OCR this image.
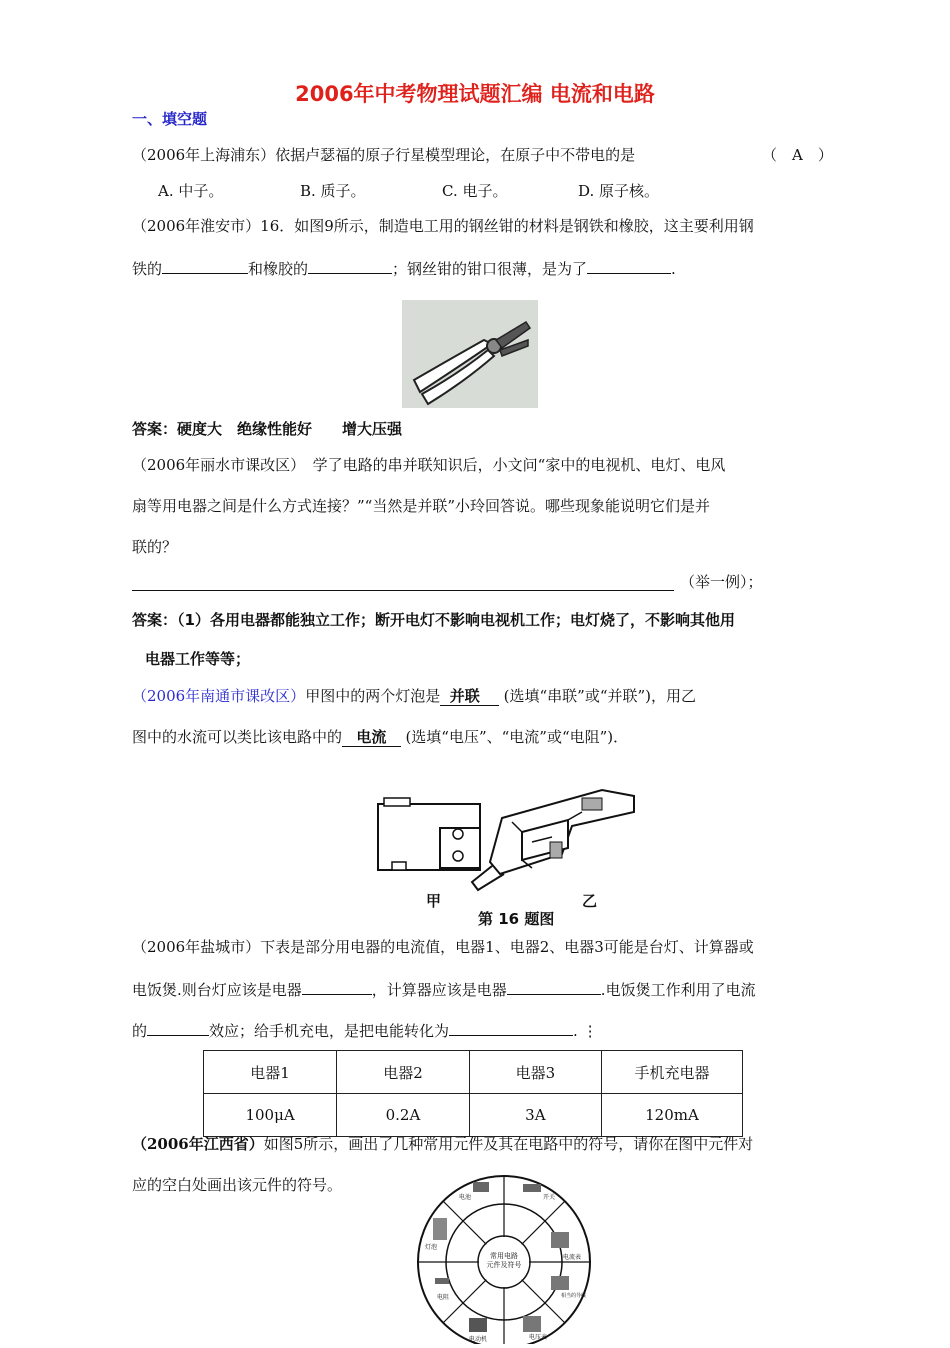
2006年中考物理试题汇编 电流和电路
一、填空题
（2006年上海浦东）依据卢瑟福的原子行星模型理论，在原子中不带电的是	（　A　）
A. 中子。	B. 质子。	C. 电子。	D. 原子核。
（2006年淮安市）16．如图9所示，制造电工用的钢丝钳的材料是钢铁和橡胶，这主要利用钢
铁的	和橡胶的	；钢丝钳的钳口很薄，是为了	.
答案：硬度大　绝缘性能好　　增大压强
（2006年丽水市课改区）　学了电路的串并联知识后，小文问“家中的电视机、电灯、电风
扇等用电器之间是什么方式连接？”“当然是并联”小玲回答说。哪些现象能说明它们是并
联的？
（举一例）；
答案：（1）各用电器都能独立工作；断开电灯不影响电视机工作；电灯烧了，不影响其他用
电器工作等等；
（2006年南通市课改区）甲图中的两个灯泡是 并联 (选填“串联”或“并联”)，用乙
图中的水流可以类比该电路中的 电流 (选填“电压”、“电流”或“电阻”)．
甲	乙
第 16 题图
（2006年盐城市）下表是部分用电器的电流值，电器1、电器2、电器3可能是台灯、计算器或
电饭煲.则台灯应该是电器	，计算器应该是电器	.电饭煲工作利用了电流
的	效应；给手机充电，是把电能转化为	. ⋮
电器1	电器2	电器3	手机充电器
100μA	0.2A	3A	120mA
（2006年江西省）如图5所示，画出了几种常用元件及其在电路中的符号，请你在图中元件对
应的空白处画出该元件的符号。
常用电路
元件及符号
电池	开关
电流表
相当的导线
电动机
电阻
灯泡
电压表
